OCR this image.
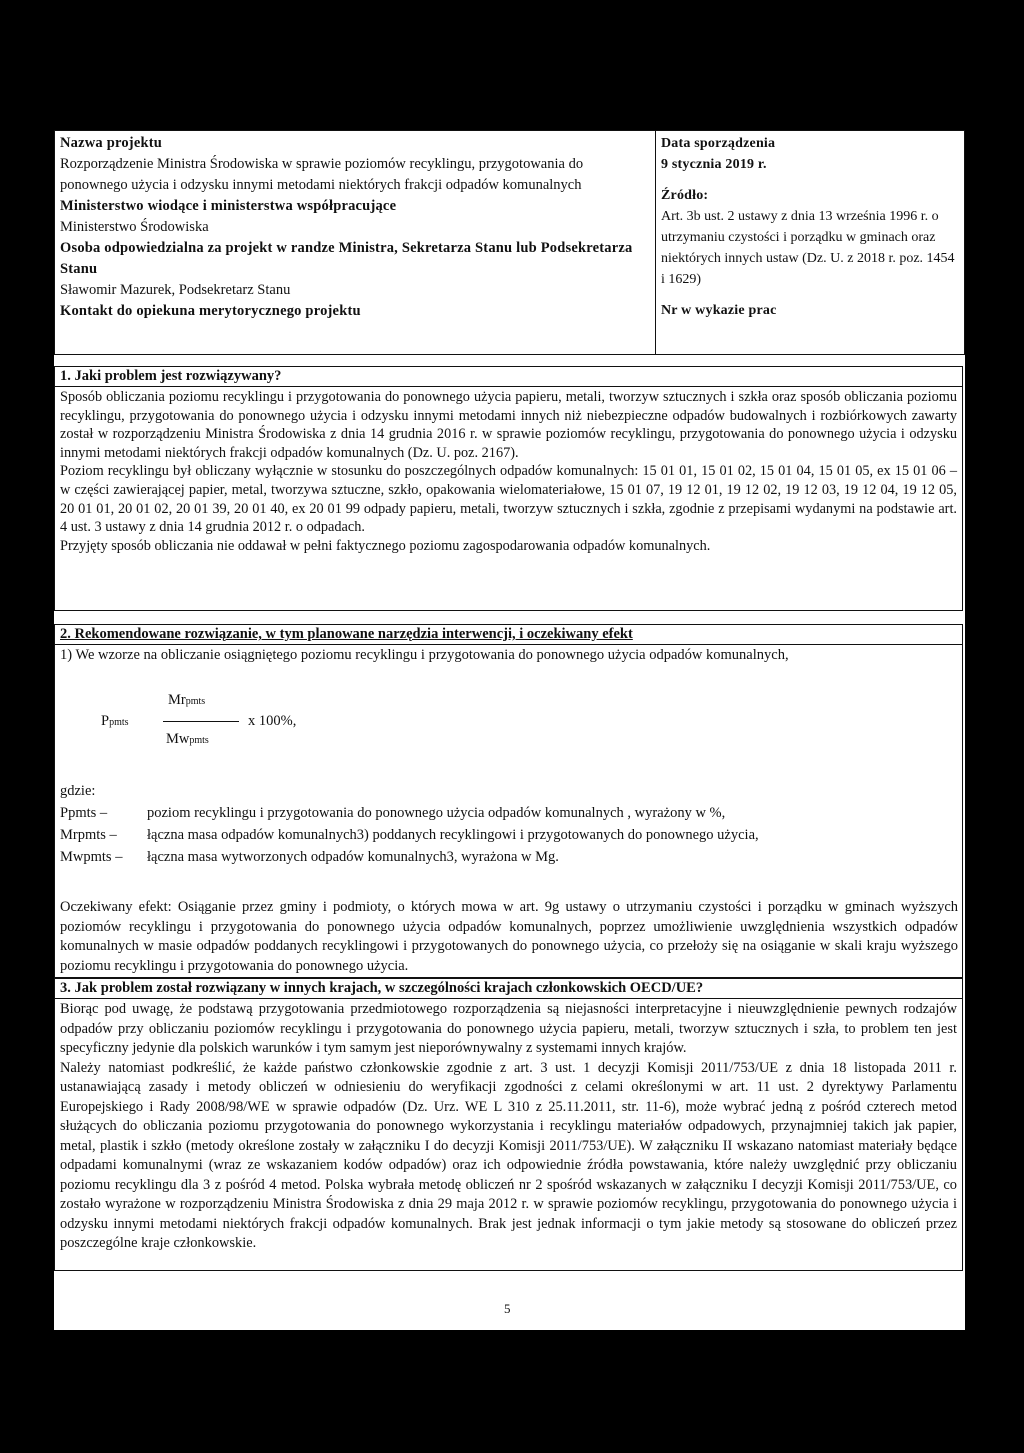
Nazwa projektu
Rozporządzenie Ministra Środowiska w sprawie poziomów recyklingu, przygotowania do ponownego użycia i odzysku innymi metodami niektórych frakcji odpadów komunalnych
Ministerstwo wiodące i ministerstwa współpracujące
Ministerstwo Środowiska
Osoba odpowiedzialna za projekt w randze Ministra, Sekretarza Stanu lub Podsekretarza Stanu
Sławomir Mazurek, Podsekretarz Stanu
Kontakt do opiekuna merytorycznego projektu
Data sporządzenia
9 stycznia 2019 r.
Źródło:
Art. 3b ust. 2 ustawy z dnia 13 września 1996 r. o utrzymaniu czystości i porządku w gminach oraz niektórych innych ustaw (Dz. U. z 2018 r. poz. 1454 i 1629)
Nr w wykazie prac
1. Jaki problem jest rozwiązywany?

Sposób obliczania poziomu recyklingu i przygotowania do ponownego użycia papieru, metali, tworzyw sztucznych i szkła oraz sposób obliczania poziomu recyklingu, przygotowania do ponownego użycia i odzysku innymi metodami innych niż niebezpieczne odpadów budowalnych i rozbiórkowych zawarty został w rozporządzeniu Ministra Środowiska z dnia 14 grudnia 2016 r. w sprawie poziomów recyklingu, przygotowania do ponownego użycia i odzysku innymi metodami niektórych frakcji odpadów komunalnych (Dz. U. poz. 2167).

Poziom recyklingu był obliczany wyłącznie w stosunku do poszczególnych odpadów komunalnych: 15 01 01, 15 01 02, 15 01 04, 15 01 05, ex 15 01 06 – w części zawierającej papier, metal, tworzywa sztuczne, szkło, opakowania wielomateriałowe, 15 01 07, 19 12 01, 19 12 02, 19 12 03, 19 12 04, 19 12 05, 20 01 01, 20 01 02, 20 01 39, 20 01 40, ex 20 01 99 odpady papieru, metali, tworzyw sztucznych i szkła, zgodnie z przepisami wydanymi na podstawie art. 4 ust. 3 ustawy z dnia 14 grudnia 2012 r. o odpadach.

Przyjęty sposób obliczania nie oddawał w pełni faktycznego poziomu zagospodarowania odpadów komunalnych.

2. Rekomendowane rozwiązanie, w tym planowane narzędzia interwencji, i oczekiwany efekt
1) We wzorze na obliczanie osiągniętego poziomu recyklingu i przygotowania do ponownego użycia odpadów komunalnych,
Ppmts
Mrpmts
x 100%,
Mwpmts
gdzie:
Ppmts –	poziom recyklingu i przygotowania do ponownego użycia odpadów komunalnych , wyrażony w %,
Mrpmts –	łączna masa odpadów komunalnych3) poddanych recyklingowi i przygotowanych do ponownego użycia,
Mwpmts –	łączna masa wytworzonych odpadów komunalnych3, wyrażona w Mg.
Oczekiwany efekt: Osiąganie przez gminy i podmioty, o których mowa w art. 9g ustawy o utrzymaniu czystości i porządku w gminach wyższych poziomów recyklingu i przygotowania do ponownego użycia odpadów komunalnych, poprzez umożliwienie uwzględnienia wszystkich odpadów komunalnych w masie odpadów poddanych recyklingowi i przygotowanych do ponownego użycia, co przełoży się na osiąganie w skali kraju wyższego poziomu recyklingu i przygotowania do ponownego użycia.
3. Jak problem został rozwiązany w innych krajach, w szczególności krajach członkowskich OECD/UE?

Biorąc pod uwagę, że podstawą przygotowania przedmiotowego rozporządzenia są niejasności interpretacyjne i nieuwzględnienie pewnych rodzajów odpadów przy obliczaniu poziomów recyklingu i przygotowania do ponownego użycia papieru, metali, tworzyw sztucznych i szła, to problem ten jest specyficzny jedynie dla polskich warunków i tym samym jest nieporównywalny z systemami innych krajów.

Należy natomiast podkreślić, że każde państwo członkowskie zgodnie z art. 3 ust. 1 decyzji Komisji 2011/753/UE z dnia 18 listopada 2011 r. ustanawiającą zasady i metody obliczeń w odniesieniu do weryfikacji zgodności z celami określonymi w art. 11 ust. 2 dyrektywy Parlamentu Europejskiego i Rady 2008/98/WE w sprawie odpadów (Dz. Urz. WE L 310 z 25.11.2011, str. 11-6), może wybrać jedną z pośród czterech metod służących do obliczania poziomu przygotowania do ponownego wykorzystania i recyklingu materiałów odpadowych, przynajmniej takich jak papier, metal, plastik i szkło (metody określone zostały w załączniku I do decyzji Komisji 2011/753/UE). W załączniku II wskazano natomiast materiały będące odpadami komunalnymi (wraz ze wskazaniem kodów odpadów) oraz ich odpowiednie źródła powstawania, które należy uwzględnić przy obliczaniu poziomu recyklingu dla 3 z pośród 4 metod. Polska wybrała metodę obliczeń nr 2 spośród wskazanych w załączniku I decyzji Komisji 2011/753/UE, co zostało wyrażone w rozporządzeniu Ministra Środowiska z dnia 29 maja 2012 r. w sprawie poziomów recyklingu, przygotowania do ponownego użycia i odzysku innymi metodami niektórych frakcji odpadów komunalnych. Brak jest jednak informacji o tym jakie metody są stosowane do obliczeń przez poszczególne kraje członkowskie.

5
